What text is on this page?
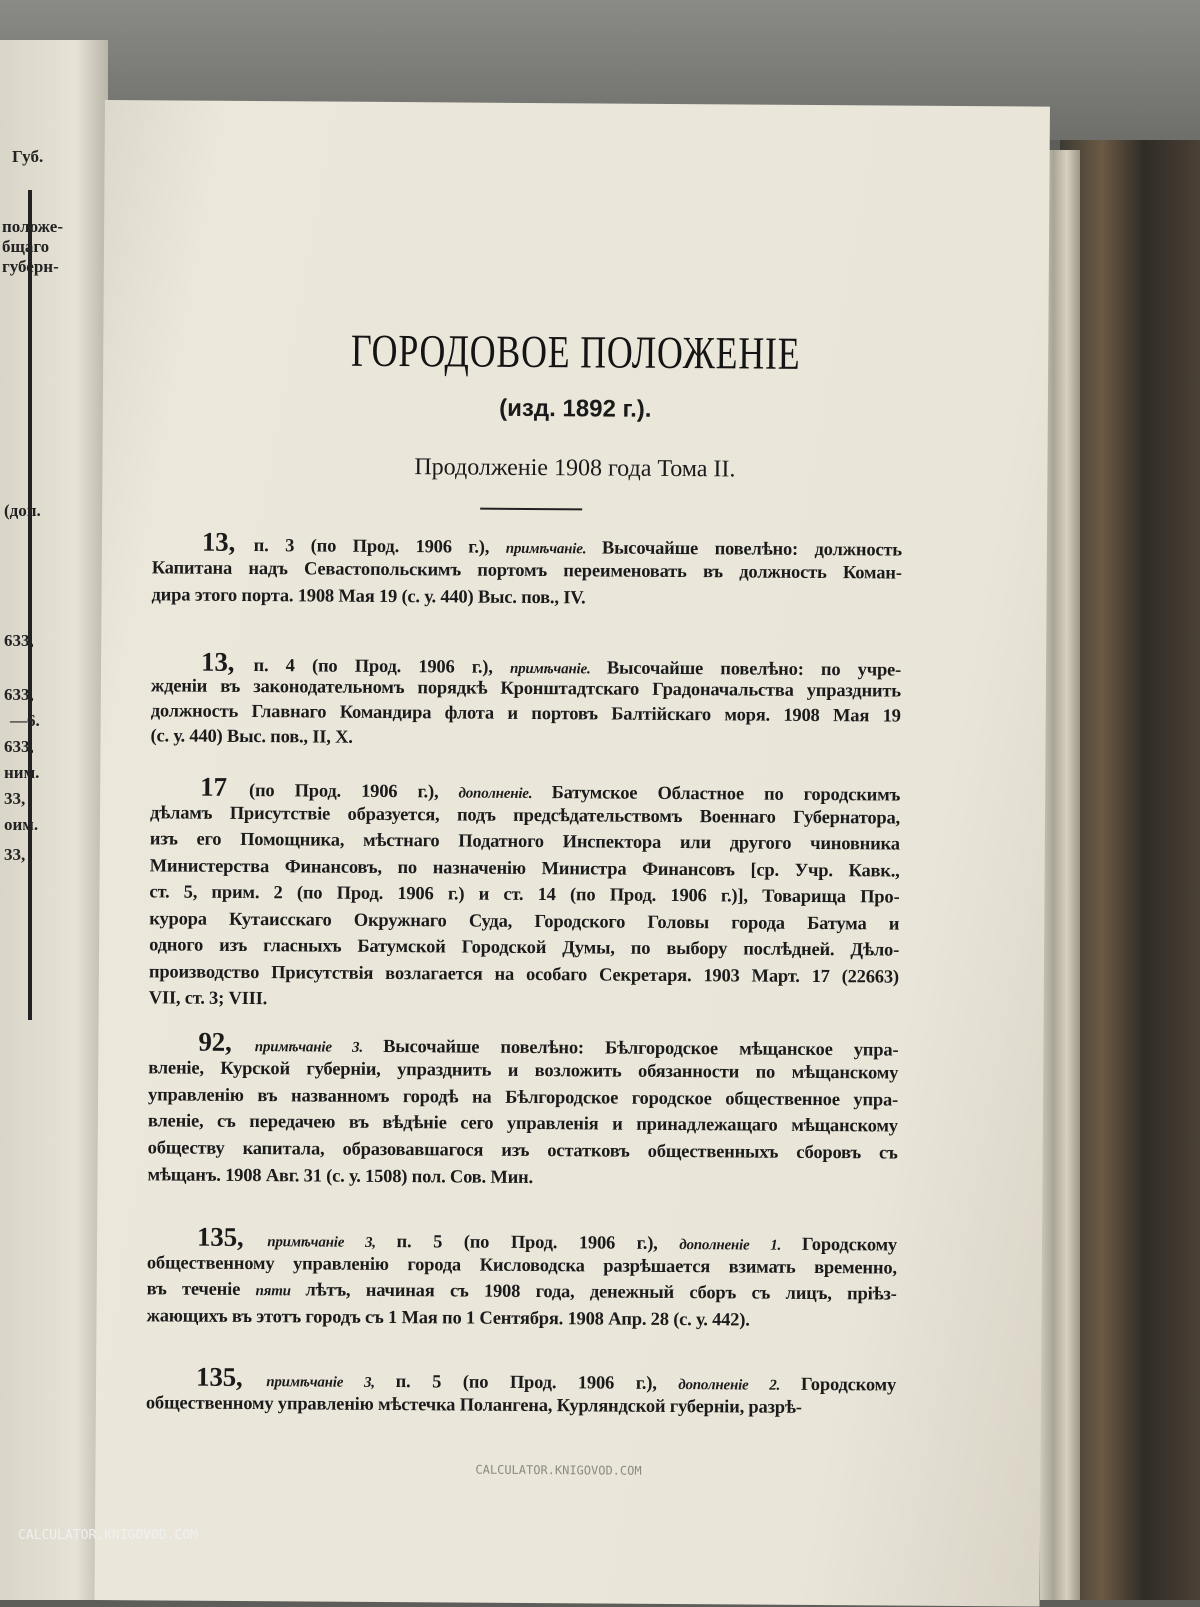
Губ.
положе-
бщаго
губерн-
(доп.
633,
633,
—6.
633,
ним.
33,
оим.
33,
ГОРОДОВОЕ ПОЛОЖЕНІЕ
(изд. 1892 г.).
Продолженіе 1908 года Тома II.
13, п. 3 (по Прод. 1906 г.), примѣчаніе. Высочайше повелѣно: должность
Капитана надъ Севастопольскимъ портомъ переименовать въ должность Коман-
дира этого порта. 1908 Мая 19 (с. у. 440) Выс. пов., IV.
13, п. 4 (по Прод. 1906 г.), примѣчаніе. Высочайше повелѣно: по учре-
жденіи въ законодательномъ порядкѣ Кронштадтскаго Градоначальства упразднить
должность Главнаго Командира флота и портовъ Балтійскаго моря. 1908 Мая 19
(с. у. 440) Выс. пов., II, X.
17 (по Прод. 1906 г.), дополненіе. Батумское Областное по городскимъ
дѣламъ Присутствіе образуется, подъ предсѣдательствомъ Военнаго Губернатора,
изъ его Помощника, мѣстнаго Податного Инспектора или другого чиновника
Министерства Финансовъ, по назначенію Министра Финансовъ [ср. Учр. Кавк.,
ст. 5, прим. 2 (по Прод. 1906 г.) и ст. 14 (по Прод. 1906 г.)], Товарища Про-
курора Кутаисскаго Окружнаго Суда, Городского Головы города Батума и
одного изъ гласныхъ Батумской Городской Думы, по выбору послѣдней. Дѣло-
производство Присутствія возлагается на особаго Секретаря. 1903 Март. 17 (22663)
VII, ст. 3; VIII.
92, примѣчаніе 3. Высочайше повелѣно: Бѣлгородское мѣщанское упра-
вленіе, Курской губерніи, упразднить и возложить обязанности по мѣщанскому
управленію въ названномъ городѣ на Бѣлгородское городское общественное упра-
вленіе, съ передачею въ вѣдѣніе сего управленія и принадлежащаго мѣщанскому
обществу капитала, образовавшагося изъ остатковъ общественныхъ сборовъ съ
мѣщанъ. 1908 Авг. 31 (с. у. 1508) пол. Сов. Мин.
135, примѣчаніе 3, п. 5 (по Прод. 1906 г.), дополненіе 1. Городскому
общественному управленію города Кисловодска разрѣшается взимать временно,
въ теченіе пяти лѣтъ, начиная съ 1908 года, денежный сборъ съ лицъ, пріѣз-
жающихъ въ этотъ городъ съ 1 Мая по 1 Сентября. 1908 Апр. 28 (с. у. 442).
135, примѣчаніе 3, п. 5 (по Прод. 1906 г.), дополненіе 2. Городскому
общественному управленію мѣстечка Полангена, Курляндской губерніи, разрѣ-
CALCULATOR.KNIGOVOD.COM
CALCULATOR.KNIGOVOD.COM
